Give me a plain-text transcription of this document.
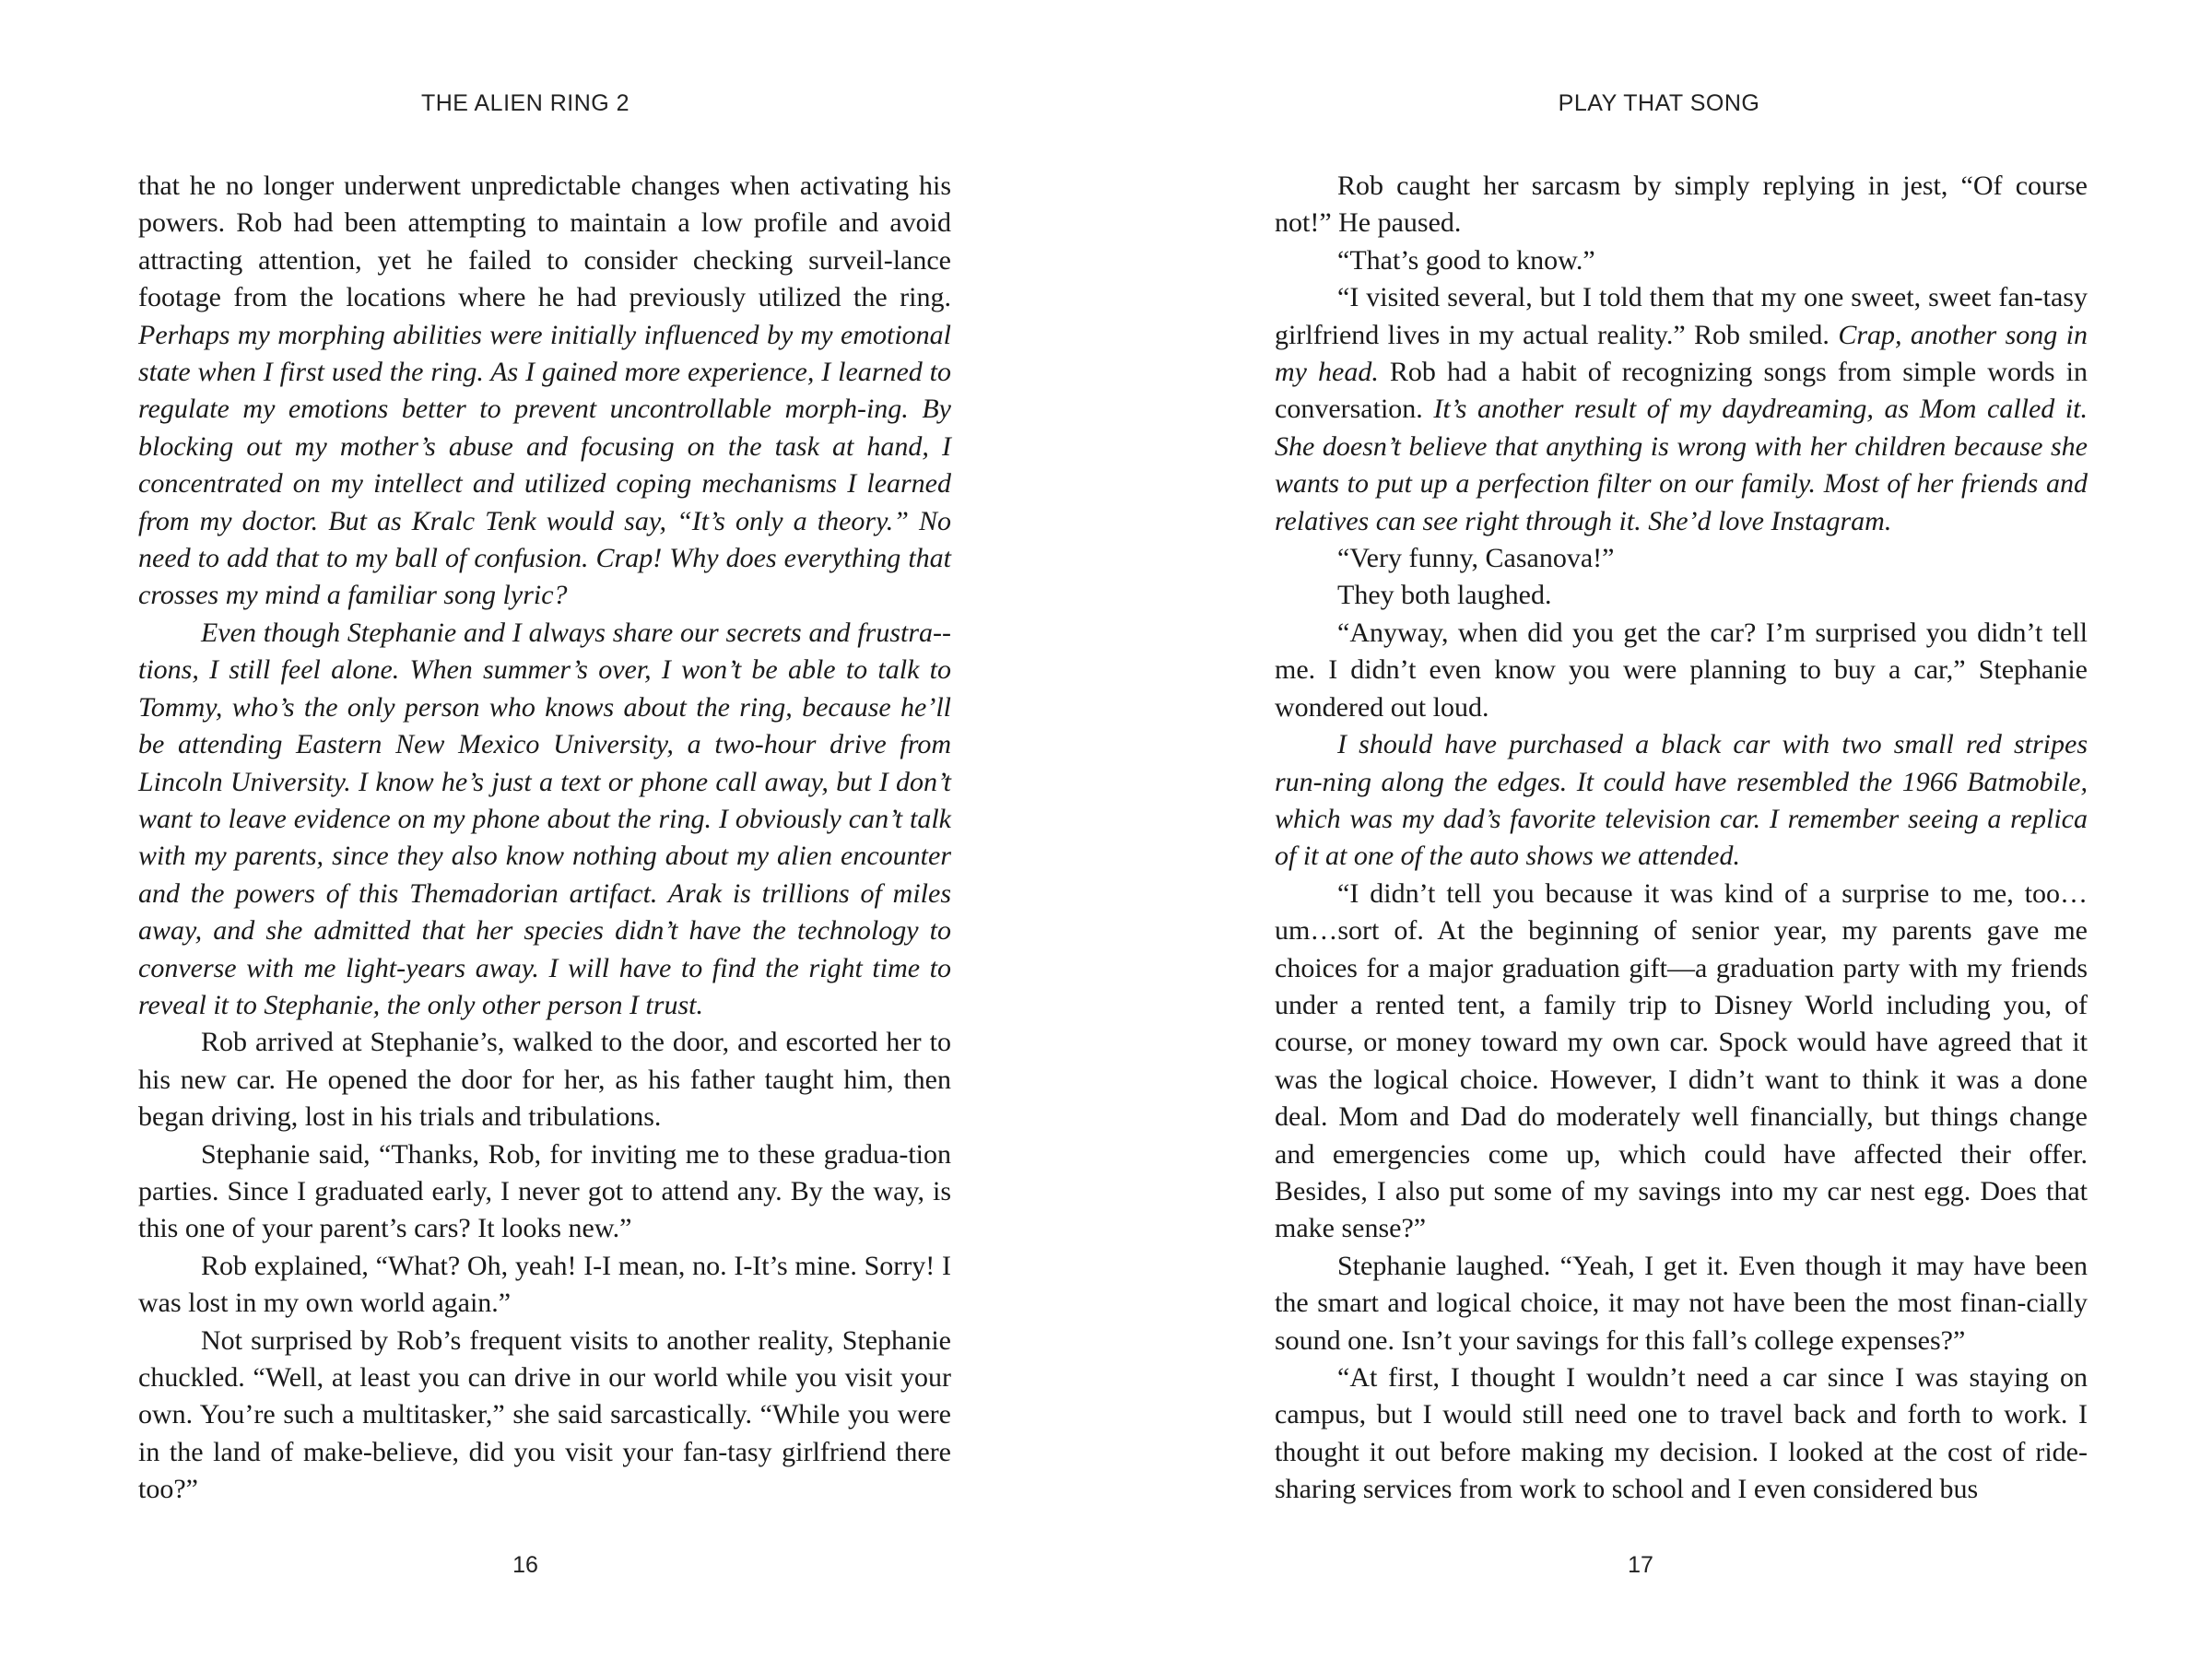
THE ALIEN RING 2

that he no longer underwent unpredictable changes when activating his powers. Rob had been attempting to maintain a low profile and avoid attracting attention, yet he failed to consider checking surveil-lance footage from the locations where he had previously utilized the ring. Perhaps my morphing abilities were initially influenced by my emotional state when I first used the ring. As I gained more experience, I learned to regulate my emotions better to prevent uncontrollable morph-ing. By blocking out my mother’s abuse and focusing on the task at hand, I concentrated on my intellect and utilized coping mechanisms I learned from my doctor. But as Kralc Tenk would say, “It’s only a theory.” No need to add that to my ball of confusion. Crap! Why does everything that crosses my mind a familiar song lyric?

Even though Stephanie and I always share our secrets and frustra-tions, I still feel alone. When summer’s over, I won’t be able to talk to Tommy, who’s the only person who knows about the ring, because he’ll be attending Eastern New Mexico University, a two-hour drive from Lincoln University. I know he’s just a text or phone call away, but I don’t want to leave evidence on my phone about the ring. I obviously can’t talk with my parents, since they also know nothing about my alien encounter and the powers of this Themadorian artifact. Arak is trillions of miles away, and she admitted that her species didn’t have the technology to converse with me light-years away. I will have to find the right time to reveal it to Stephanie, the only other person I trust.

Rob arrived at Stephanie’s, walked to the door, and escorted her to his new car. He opened the door for her, as his father taught him, then began driving, lost in his trials and tribulations.

Stephanie said, “Thanks, Rob, for inviting me to these gradua-tion parties. Since I graduated early, I never got to attend any. By the way, is this one of your parent’s cars? It looks new.”

Rob explained, “What? Oh, yeah! I-I mean, no. I-It’s mine. Sorry! I was lost in my own world again.”

Not surprised by Rob’s frequent visits to another reality, Stephanie chuckled. “Well, at least you can drive in our world while you visit your own. You’re such a multitasker,” she said sarcastically. “While you were in the land of make-believe, did you visit your fan-tasy girlfriend there too?”

16
PLAY THAT SONG

Rob caught her sarcasm by simply replying in jest, “Of course not!” He paused.

“That’s good to know.”

“I visited several, but I told them that my one sweet, sweet fan-tasy girlfriend lives in my actual reality.” Rob smiled. Crap, another song in my head. Rob had a habit of recognizing songs from simple words in conversation. It’s another result of my daydreaming, as Mom called it. She doesn’t believe that anything is wrong with her children because she wants to put up a perfection filter on our family. Most of her friends and relatives can see right through it. She’d love Instagram.

“Very funny, Casanova!”

They both laughed.

“Anyway, when did you get the car? I’m surprised you didn’t tell me. I didn’t even know you were planning to buy a car,” Stephanie wondered out loud.

I should have purchased a black car with two small red stripes run-ning along the edges. It could have resembled the 1966 Batmobile, which was my dad’s favorite television car. I remember seeing a replica of it at one of the auto shows we attended.

“I didn’t tell you because it was kind of a surprise to me, too… um…sort of. At the beginning of senior year, my parents gave me choices for a major graduation gift—a graduation party with my friends under a rented tent, a family trip to Disney World including you, of course, or money toward my own car. Spock would have agreed that it was the logical choice. However, I didn’t want to think it was a done deal. Mom and Dad do moderately well financially, but things change and emergencies come up, which could have affected their offer. Besides, I also put some of my savings into my car nest egg. Does that make sense?”

Stephanie laughed. “Yeah, I get it. Even though it may have been the smart and logical choice, it may not have been the most finan-cially sound one. Isn’t your savings for this fall’s college expenses?”

“At first, I thought I wouldn’t need a car since I was staying on campus, but I would still need one to travel back and forth to work. I thought it out before making my decision. I looked at the cost of ride-sharing services from work to school and I even considered bus

17
